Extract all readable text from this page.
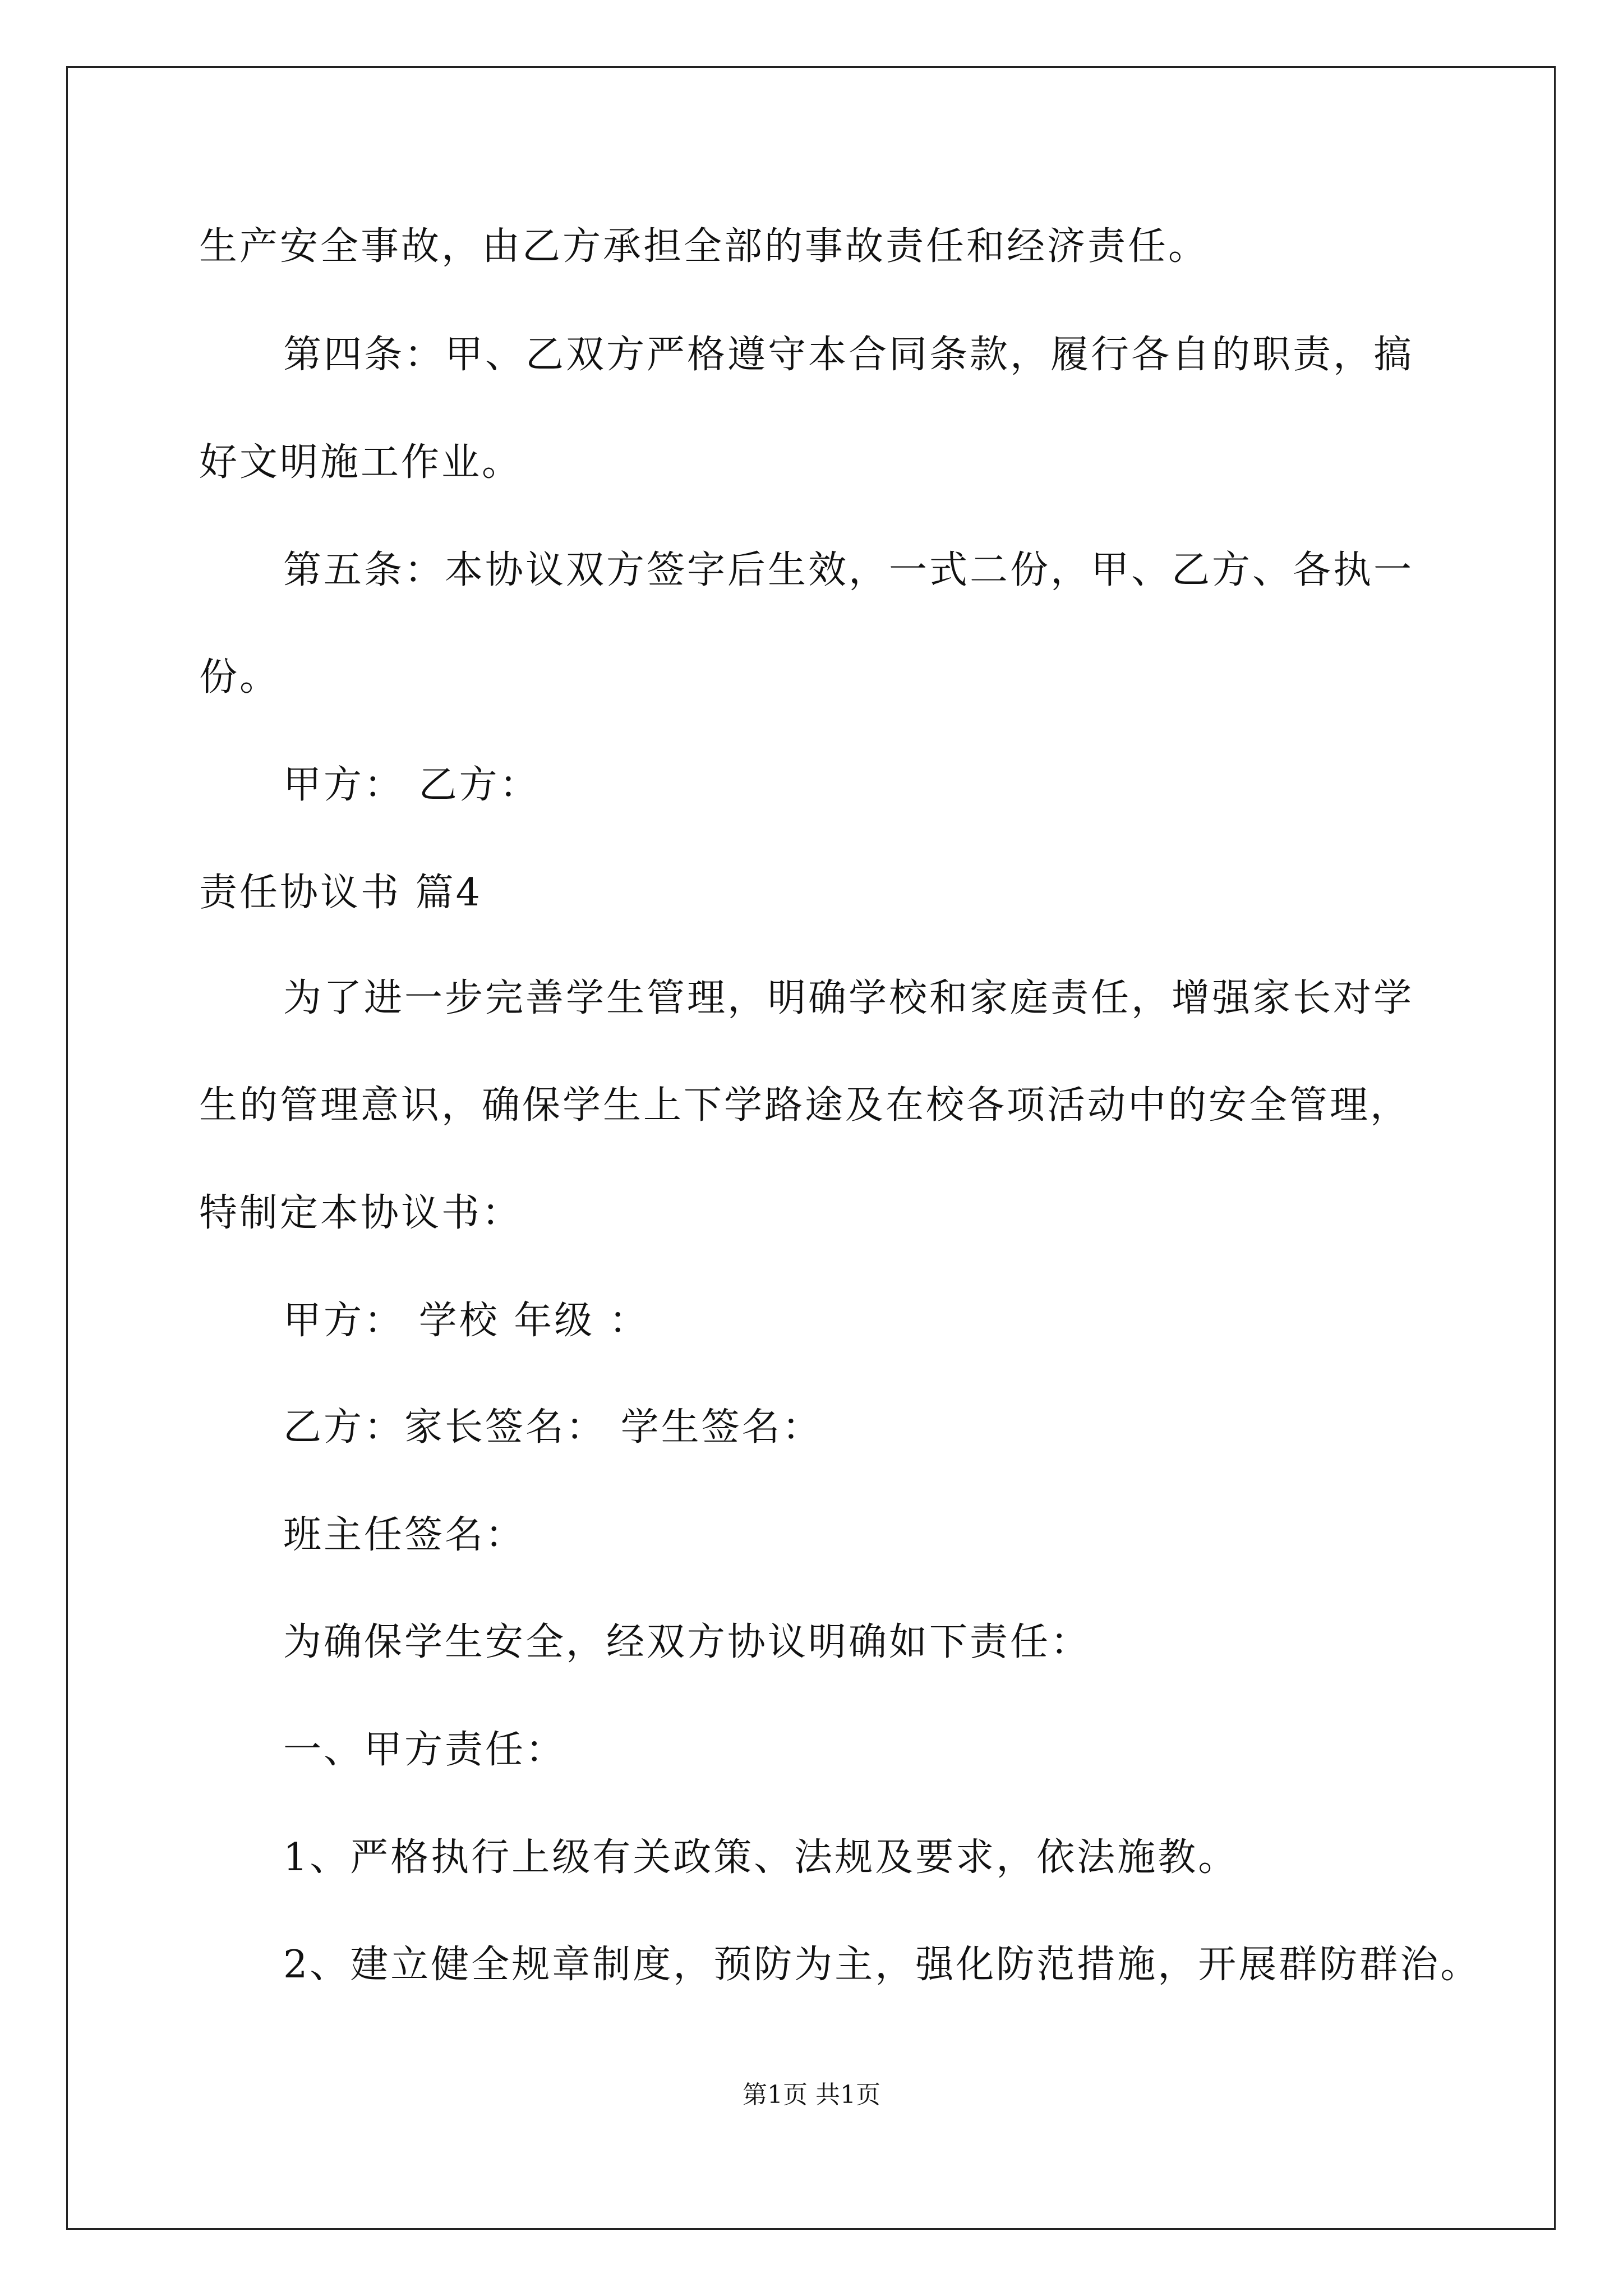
生产安全事故，由乙方承担全部的事故责任和经济责任。
第四条：甲、乙双方严格遵守本合同条款，履行各自的职责，搞
好文明施工作业。
第五条：本协议双方签字后生效，一式二份，甲、乙方、各执一
份。
甲方： 乙方：
责任协议书 篇4
为了进一步完善学生管理，明确学校和家庭责任，增强家长对学
生的管理意识，确保学生上下学路途及在校各项活动中的安全管理，
特制定本协议书：
甲方： 学校 年级 ：
乙方：家长签名： 学生签名：
班主任签名：
为确保学生安全，经双方协议明确如下责任：
一、甲方责任：
1、严格执行上级有关政策、法规及要求，依法施教。
2、建立健全规章制度，预防为主，强化防范措施，开展群防群治。
第1页 共1页
